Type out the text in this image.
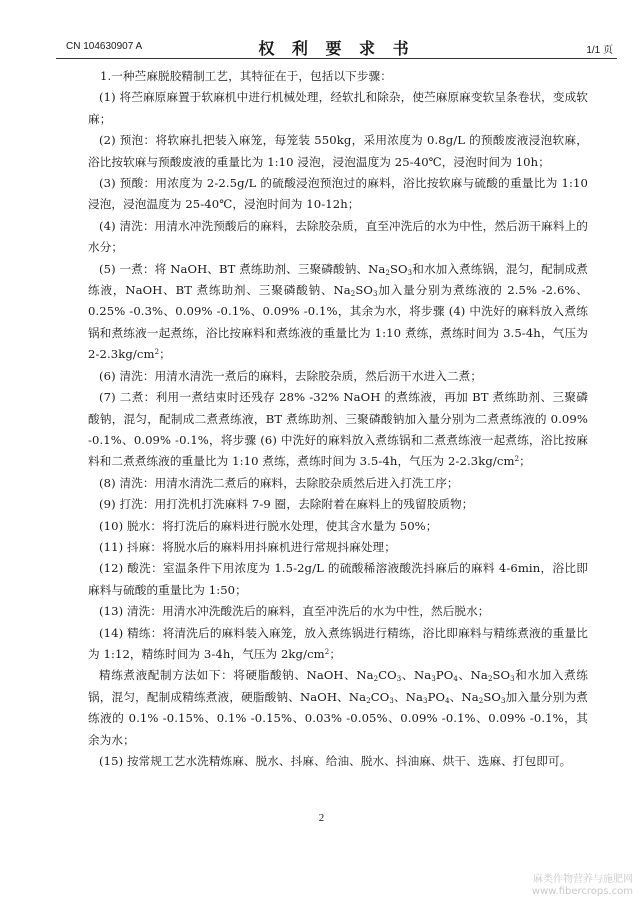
CN 104630907 A	权 利 要 求 书	1/1 页

1.一种苎麻脱胶精制工艺，其特征在于，包括以下步骤：

(1) 将苎麻原麻置于软麻机中进行机械处理，经软扎和除杂，使苎麻原麻变软呈条卷状，变成软麻；

(2) 预泡：将软麻扎把装入麻笼，每笼装 550kg，采用浓度为 0.8g/L 的预酸废液浸泡软麻，浴比按软麻与预酸废液的重量比为 1:10 浸泡，浸泡温度为 25-40℃，浸泡时间为 10h；

(3) 预酸：用浓度为 2-2.5g/L 的硫酸浸泡预泡过的麻料，浴比按软麻与硫酸的重量比为 1:10 浸泡，浸泡温度为 25-40℃，浸泡时间为 10-12h；

(4) 清洗：用清水冲洗预酸后的麻料，去除胶杂质，直至冲洗后的水为中性，然后沥干麻料上的水分；

(5) 一煮：将 NaOH、BT 煮练助剂、三聚磷酸钠、$Na_2SO_3$和水加入煮练锅，混匀，配制成煮练液，NaOH、BT 煮练助剂、三聚磷酸钠、$Na_2SO_3$加入量分别为煮练液的 2.5% -2.6%、0.25% -0.3%、0.09% -0.1%、0.09% -0.1%，其余为水，将步骤 (4) 中洗好的麻料放入煮练锅和煮练液一起煮练，浴比按麻料和煮练液的重量比为 1:10 煮练，煮练时间为 3.5-4h，气压为 $2-2.3kg/cm^2$；

(6) 清洗：用清水清洗一煮后的麻料，去除胶杂质，然后沥干水进入二煮；

(7) 二煮：利用一煮结束时还残存 28% -32% NaOH 的煮练液，再加 BT 煮练助剂、三聚磷酸钠，混匀，配制成二煮煮练液，BT 煮练助剂、三聚磷酸钠加入量分别为二煮煮练液的 0.09% -0.1%、0.09% -0.1%，将步骤 (6) 中洗好的麻料放入煮练锅和二煮煮练液一起煮练，浴比按麻料和二煮煮练液的重量比为 1:10 煮练，煮练时间为 3.5-4h，气压为 $2-2.3kg/cm^2$；

(8) 清洗：用清水清洗二煮后的麻料，去除胶杂质然后进入打洗工序；

(9) 打洗：用打洗机打洗麻料 7-9 圈，去除附着在麻料上的残留胶质物；

(10) 脱水：将打洗后的麻料进行脱水处理，使其含水量为 50%；

(11) 抖麻：将脱水后的麻料用抖麻机进行常规抖麻处理；

(12) 酸洗：室温条件下用浓度为 1.5-2g/L 的硫酸稀溶液酸洗抖麻后的麻料 4-6min，浴比即麻料与硫酸的重量比为 1:50；

(13) 清洗：用清水冲洗酸洗后的麻料，直至冲洗后的水为中性，然后脱水；

(14) 精练：将清洗后的麻料装入麻笼，放入煮练锅进行精练，浴比即麻料与精练煮液的重量比为 1:12，精练时间为 3-4h，气压为 $2kg/cm^2$；

精练煮液配制方法如下：将硬脂酸钠、NaOH、$Na_2CO_3$、$Na_3PO_4$、$Na_2SO_3$和水加入煮练锅，混匀，配制成精练煮液，硬脂酸钠、NaOH、$Na_2CO_3$、$Na_3PO_4$、$Na_2SO_3$加入量分别为煮练液的 0.1% -0.15%、0.1% -0.15%、0.03% -0.05%、0.09% -0.1%、0.09% -0.1%，其余为水；

(15) 按常规工艺水洗精炼麻、脱水、抖麻、给油、脱水、抖油麻、烘干、选麻、打包即可。

2
麻类作物营养与施肥网
www.fibercrops.com
